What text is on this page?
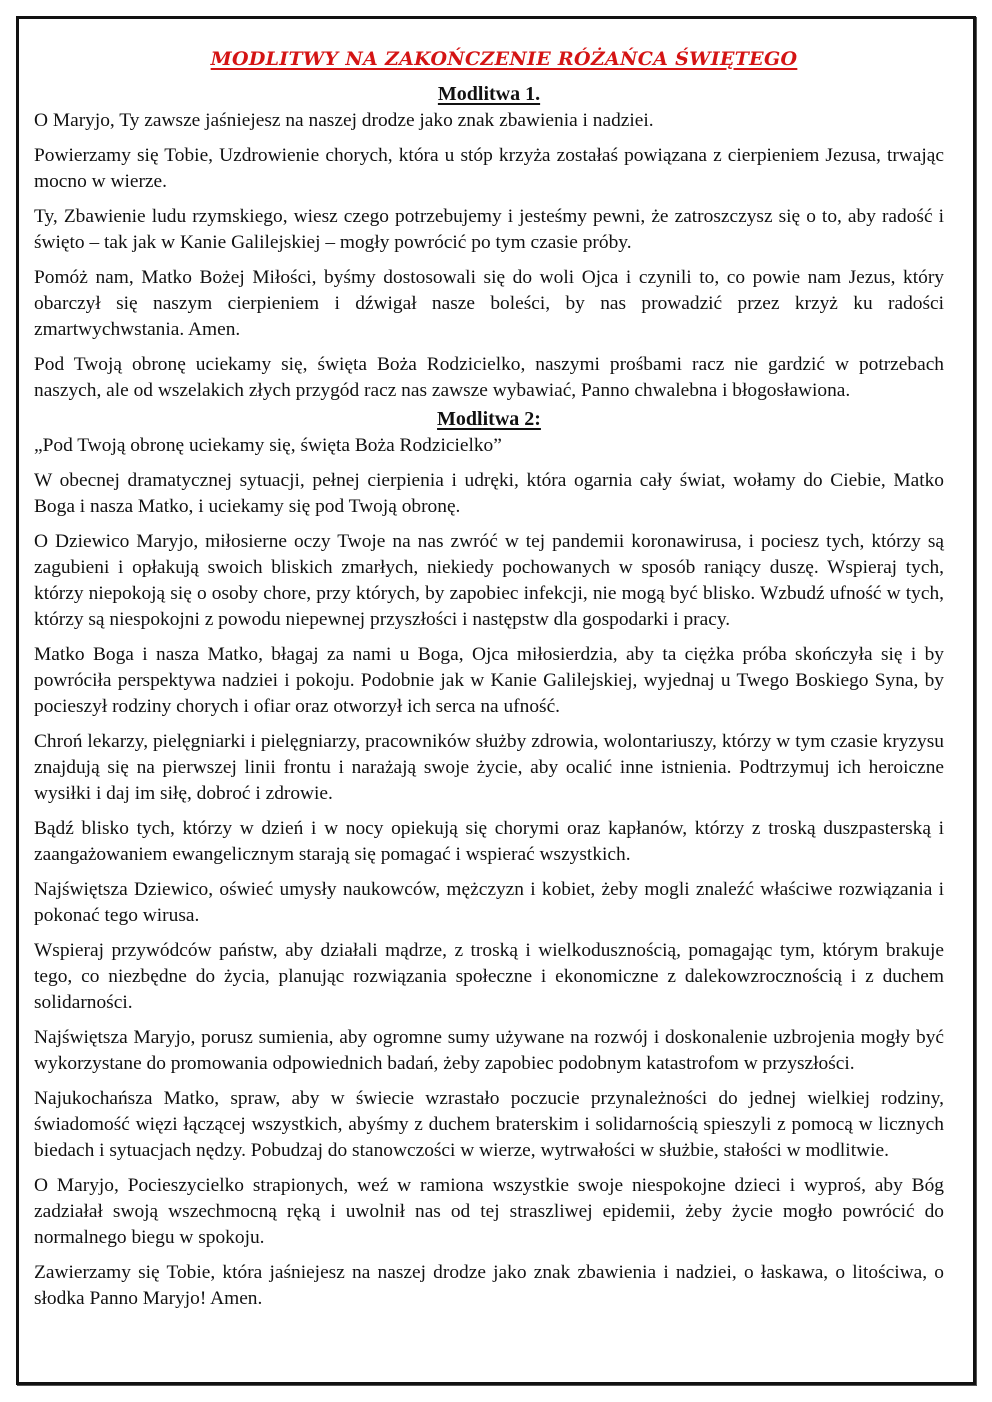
MODLITWY NA ZAKOŃCZENIE RÓŻAŃCA ŚWIĘTEGO
Modlitwa 1.

O Maryjo, Ty zawsze jaśniejesz na naszej drodze jako znak zbawienia i nadziei.

Powierzamy się Tobie, Uzdrowienie chorych, która u stóp krzyża zostałaś powiązana z cierpieniem Jezusa, trwając mocno w wierze.

Ty, Zbawienie ludu rzymskiego, wiesz czego potrzebujemy i jesteśmy pewni, że zatroszczysz się o to, aby radość i święto – tak jak w Kanie Galilejskiej – mogły powrócić po tym czasie próby.

Pomóż nam, Matko Bożej Miłości, byśmy dostosowali się do woli Ojca i czynili to, co powie nam Jezus, który obarczył się naszym cierpieniem i dźwigał nasze boleści, by nas prowadzić przez krzyż ku radości zmartwychwstania. Amen.

Pod Twoją obronę uciekamy się, święta Boża Rodzicielko, naszymi prośbami racz nie gardzić w potrzebach naszych, ale od wszelakich złych przygód racz nas zawsze wybawiać, Panno chwalebna i błogosławiona.

Modlitwa 2:

„Pod Twoją obronę uciekamy się, święta Boża Rodzicielko”

W obecnej dramatycznej sytuacji, pełnej cierpienia i udręki, która ogarnia cały świat, wołamy do Ciebie, Matko Boga i nasza Matko, i uciekamy się pod Twoją obronę.

O Dziewico Maryjo, miłosierne oczy Twoje na nas zwróć w tej pandemii koronawirusa, i pociesz tych, którzy są zagubieni i opłakują swoich bliskich zmarłych, niekiedy pochowanych w sposób raniący duszę. Wspieraj tych, którzy niepokoją się o osoby chore, przy których, by zapobiec infekcji, nie mogą być blisko. Wzbudź ufność w tych, którzy są niespokojni z powodu niepewnej przyszłości i następstw dla gospodarki i pracy.

Matko Boga i nasza Matko, błagaj za nami u Boga, Ojca miłosierdzia, aby ta ciężka próba skończyła się i by powróciła perspektywa nadziei i pokoju. Podobnie jak w Kanie Galilejskiej, wyjednaj u Twego Boskiego Syna, by pocieszył rodziny chorych i ofiar oraz otworzył ich serca na ufność.

Chroń lekarzy, pielęgniarki i pielęgniarzy, pracowników służby zdrowia, wolontariuszy, którzy w tym czasie kryzysu znajdują się na pierwszej linii frontu i narażają swoje życie, aby ocalić inne istnienia. Podtrzymuj ich heroiczne wysiłki i daj im siłę, dobroć i zdrowie.

Bądź blisko tych, którzy w dzień i w nocy opiekują się chorymi oraz kapłanów, którzy z troską duszpasterską i zaangażowaniem ewangelicznym starają się pomagać i wspierać wszystkich.

Najświętsza Dziewico, oświeć umysły naukowców, mężczyzn i kobiet, żeby mogli znaleźć właściwe rozwiązania i pokonać tego wirusa.

Wspieraj przywódców państw, aby działali mądrze, z troską i wielkodusznością, pomagając tym, którym brakuje tego, co niezbędne do życia, planując rozwiązania społeczne i ekonomiczne z dalekowzrocznością i z duchem solidarności.

Najświętsza Maryjo, porusz sumienia, aby ogromne sumy używane na rozwój i doskonalenie uzbrojenia mogły być wykorzystane do promowania odpowiednich badań, żeby zapobiec podobnym katastrofom w przyszłości.

Najukochańsza Matko, spraw, aby w świecie wzrastało poczucie przynależności do jednej wielkiej rodziny, świadomość więzi łączącej wszystkich, abyśmy z duchem braterskim i solidarnością spieszyli z pomocą w licznych biedach i sytuacjach nędzy. Pobudzaj do stanowczości w wierze, wytrwałości w służbie, stałości w modlitwie.

O Maryjo, Pocieszycielko strapionych, weź w ramiona wszystkie swoje niespokojne dzieci i wyproś, aby Bóg zadziałał swoją wszechmocną ręką i uwolnił nas od tej straszliwej epidemii, żeby życie mogło powrócić do normalnego biegu w spokoju.

Zawierzamy się Tobie, która jaśniejesz na naszej drodze jako znak zbawienia i nadziei, o łaskawa, o litościwa, o słodka Panno Maryjo! Amen.
